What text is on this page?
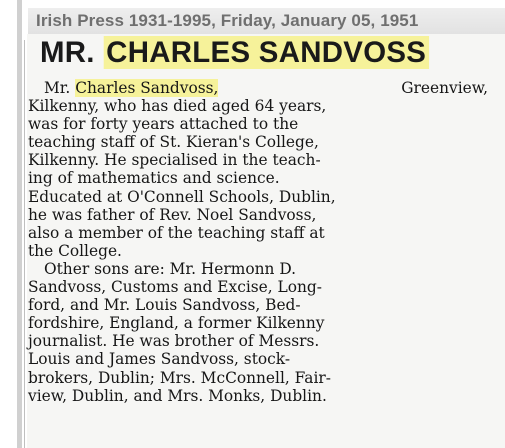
Irish Press 1931-1995, Friday, January 05, 1951
MR. CHARLES SANDVOSS
Mr. Charles Sandvoss,	Greenview,
Kilkenny, who has died aged 64 years,
was for forty years attached to the
teaching staff of St. Kieran's College,
Kilkenny. He specialised in the teach-
ing of mathematics and science.
Educated at O'Connell Schools, Dublin,
he was father of Rev. Noel Sandvoss,
also a member of the teaching staff at
the College.
Other sons are: Mr. Hermonn D.
Sandvoss, Customs and Excise, Long-
ford, and Mr. Louis Sandvoss, Bed-
fordshire, England, a former Kilkenny
journalist. He was brother of Messrs.
Louis and James Sandvoss, stock-
brokers, Dublin; Mrs. McConnell, Fair-
view, Dublin, and Mrs. Monks, Dublin.
